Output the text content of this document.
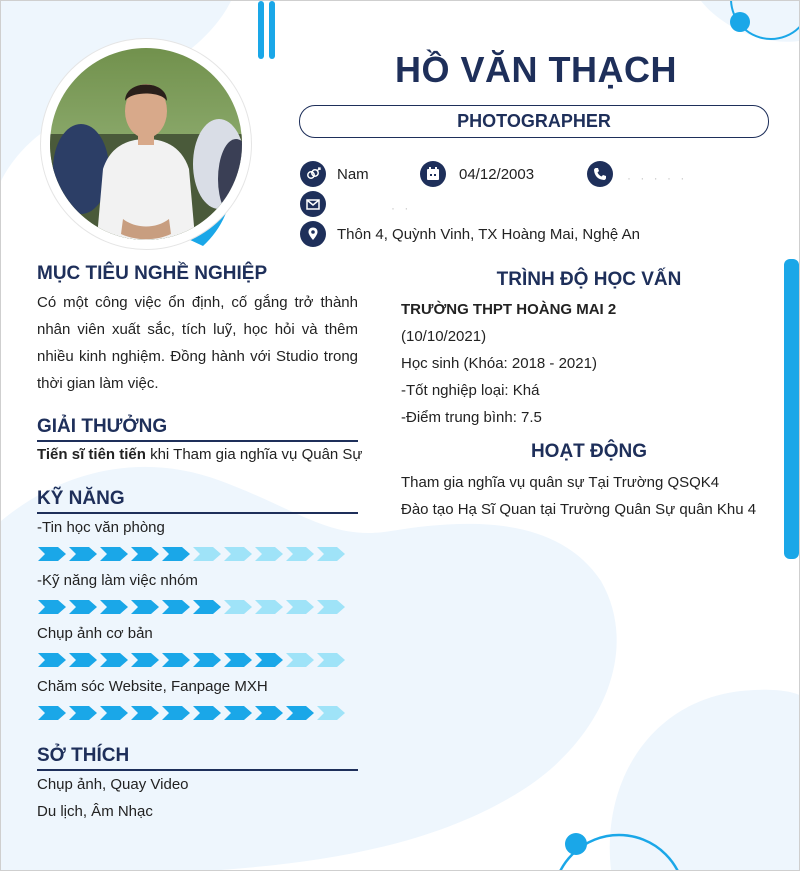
HỒ VĂN THẠCH
PHOTOGRAPHER
Nam	04/12/2003	· · · · ·
· ·
Thôn 4, Quỳnh Vinh, TX Hoàng Mai, Nghệ An
MỤC TIÊU NGHỀ NGHIỆP
Có một công việc ổn định, cố gắng trở thành
nhân viên xuất sắc, tích luỹ, học hỏi và thêm
nhiều kinh nghiệm. Đồng hành với Studio trong
thời gian làm việc.
GIẢI THƯỞNG
Tiến sĩ tiên tiến khi Tham gia nghĩa vụ Quân Sự
KỸ NĂNG
-Tin học văn phòng
-Kỹ năng làm việc nhóm
Chụp ảnh cơ bản
Chăm sóc Website, Fanpage MXH
SỞ THÍCH
Chụp ảnh, Quay Video
Du lịch, Âm Nhạc
TRÌNH ĐỘ HỌC VẤN
TRƯỜNG THPT HOÀNG MAI 2
(10/10/2021)
Học sinh (Khóa: 2018 - 2021)
-Tốt nghiệp loại: Khá
-Điểm trung bình: 7.5
HOẠT ĐỘNG
Tham gia nghĩa vụ quân sự Tại Trường QSQK4
Đào tạo Hạ Sĩ Quan tại Trường Quân Sự quân Khu 4
